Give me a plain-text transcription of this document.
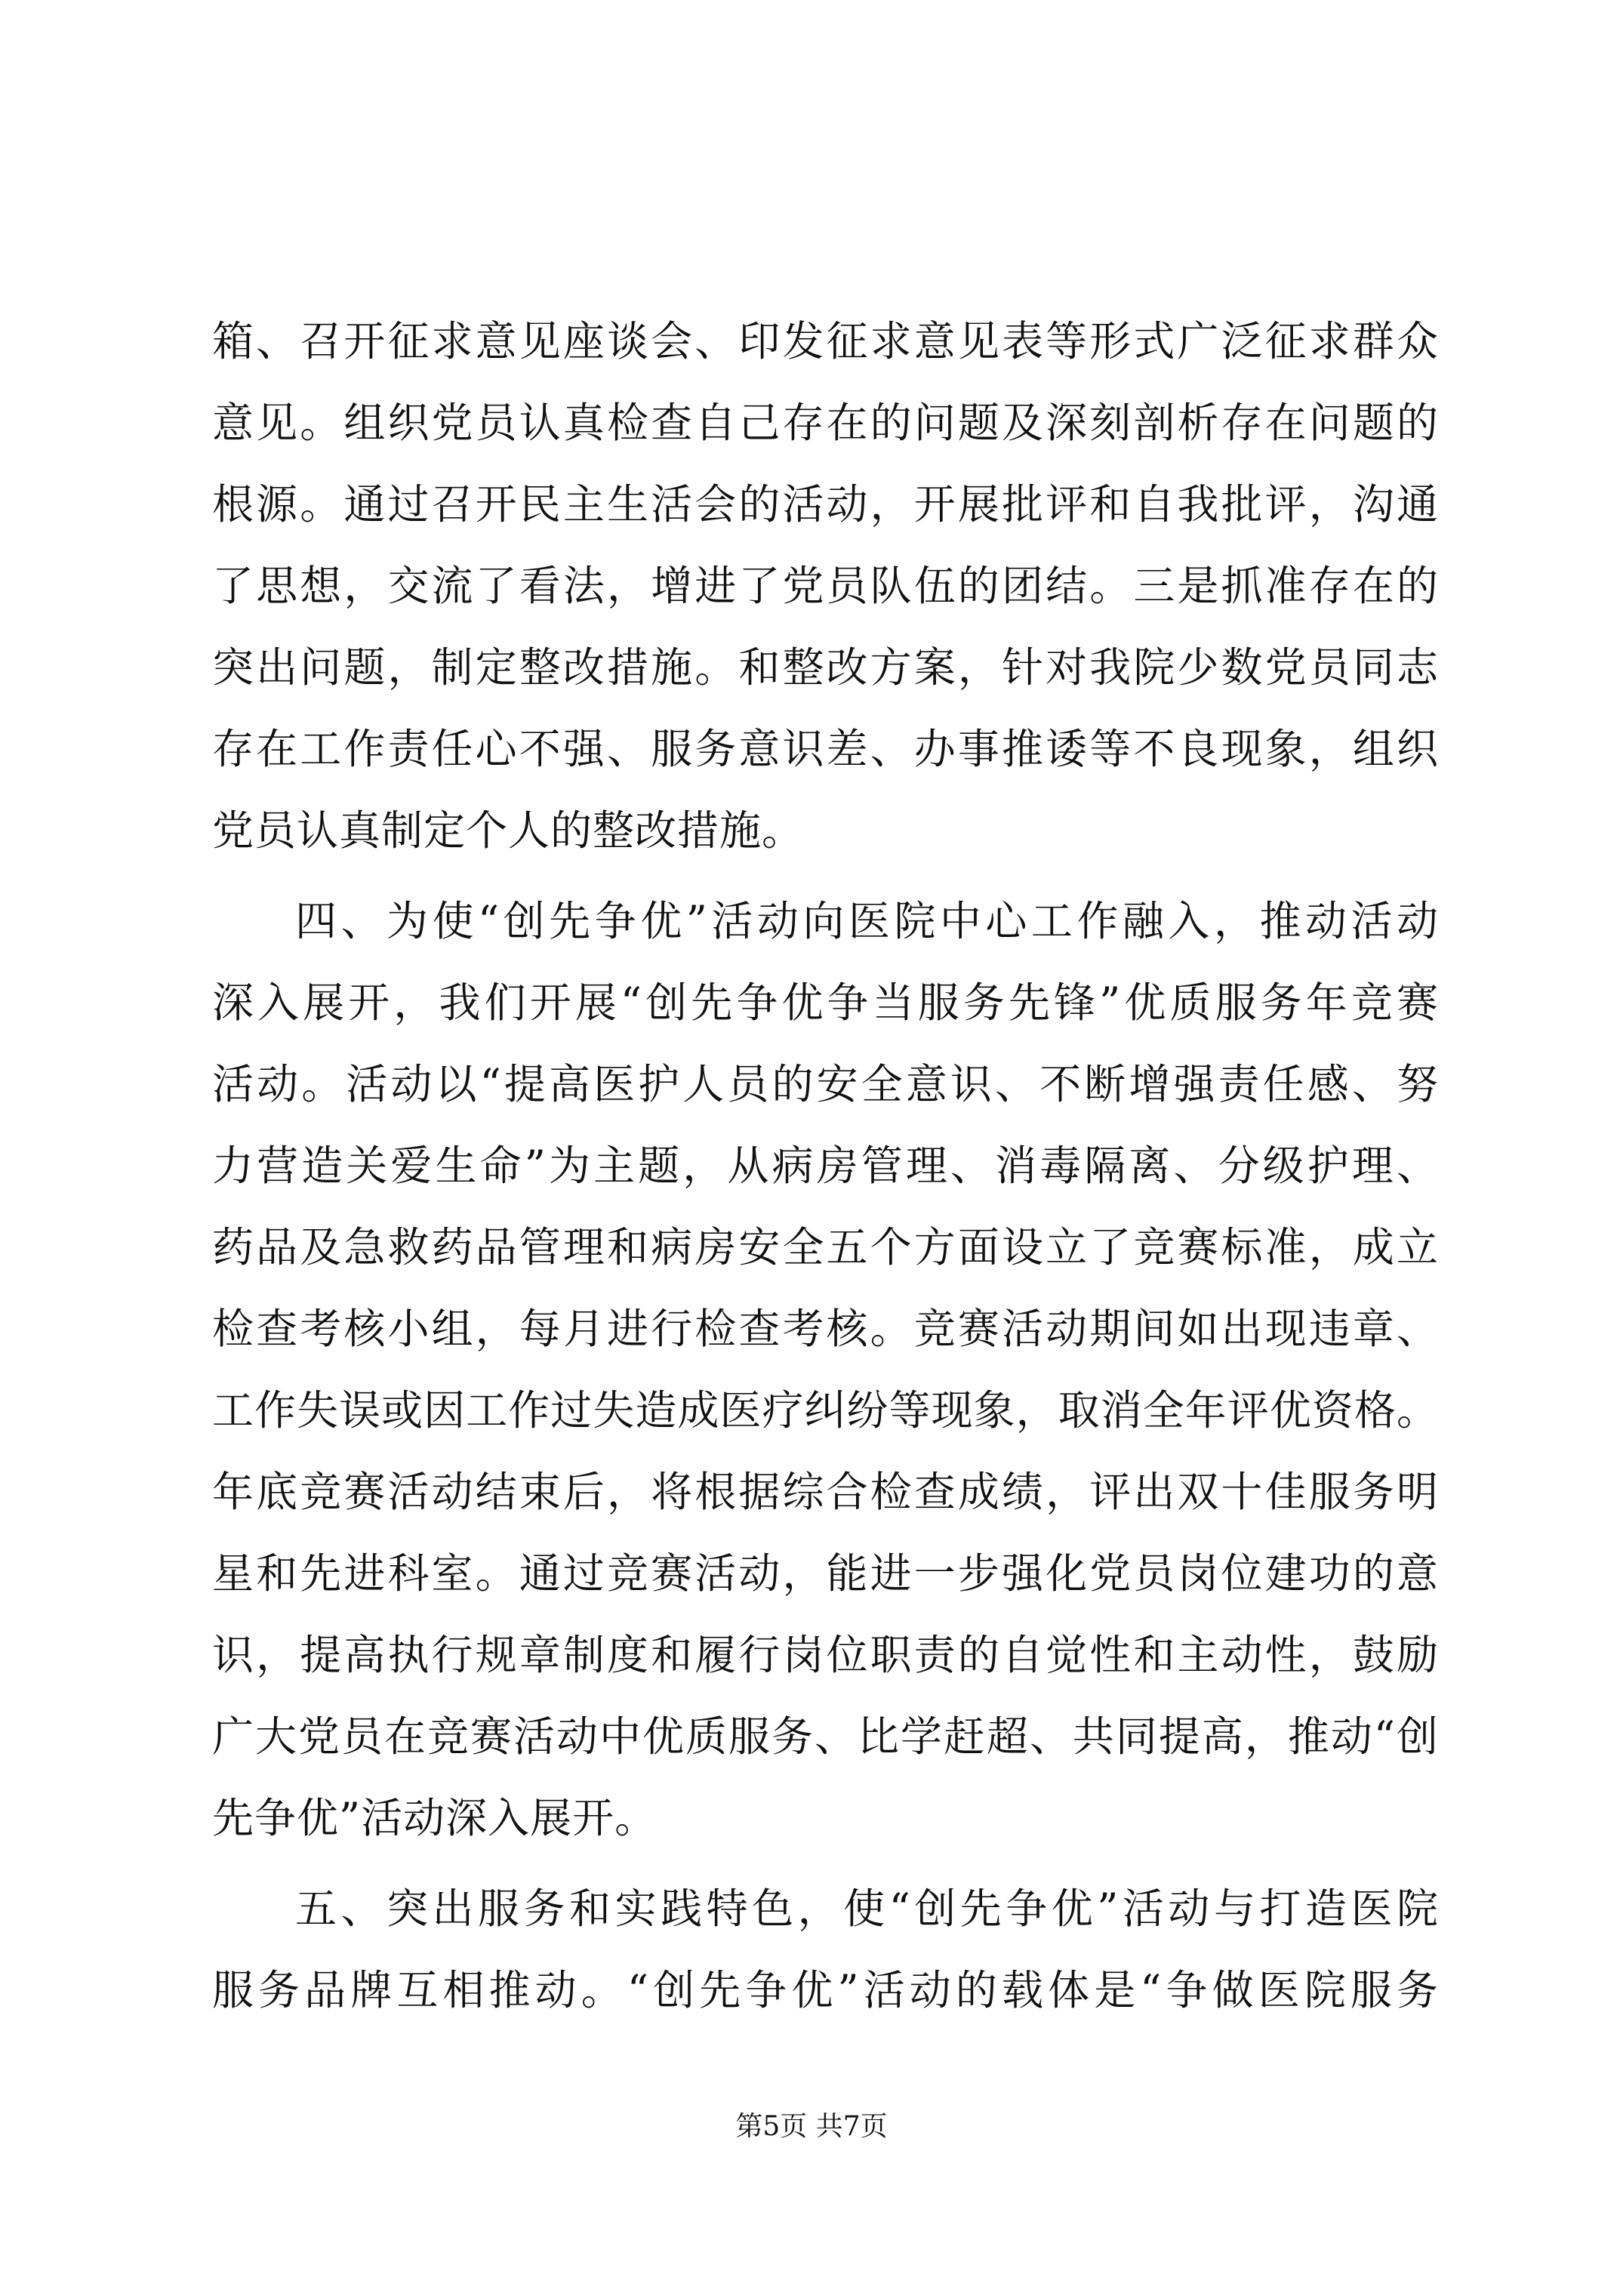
箱、召开征求意见座谈会、印发征求意见表等形式广泛征求群众
意见。组织党员认真检查自己存在的问题及深刻剖析存在问题的
根源。通过召开民主生活会的活动，开展批评和自我批评，沟通
了思想，交流了看法，增进了党员队伍的团结。三是抓准存在的
突出问题，制定整改措施。和整改方案，针对我院少数党员同志
存在工作责任心不强、服务意识差、办事推诿等不良现象，组织
党员认真制定个人的整改措施。
四、为使“创先争优”活动向医院中心工作融入，推动活动
深入展开，我们开展“创先争优争当服务先锋”优质服务年竞赛
活动。活动以“提高医护人员的安全意识、不断增强责任感、努
力营造关爱生命”为主题，从病房管理、消毒隔离、分级护理、
药品及急救药品管理和病房安全五个方面设立了竞赛标准，成立
检查考核小组，每月进行检查考核。竞赛活动期间如出现违章、
工作失误或因工作过失造成医疗纠纷等现象，取消全年评优资格。
年底竞赛活动结束后，将根据综合检查成绩，评出双十佳服务明
星和先进科室。通过竞赛活动，能进一步强化党员岗位建功的意
识，提高执行规章制度和履行岗位职责的自觉性和主动性，鼓励
广大党员在竞赛活动中优质服务、比学赶超、共同提高，推动“创
先争优”活动深入展开。
五、突出服务和实践特色，使“创先争优”活动与打造医院
服务品牌互相推动。“创先争优”活动的载体是“争做医院服务
第5页 共7页
